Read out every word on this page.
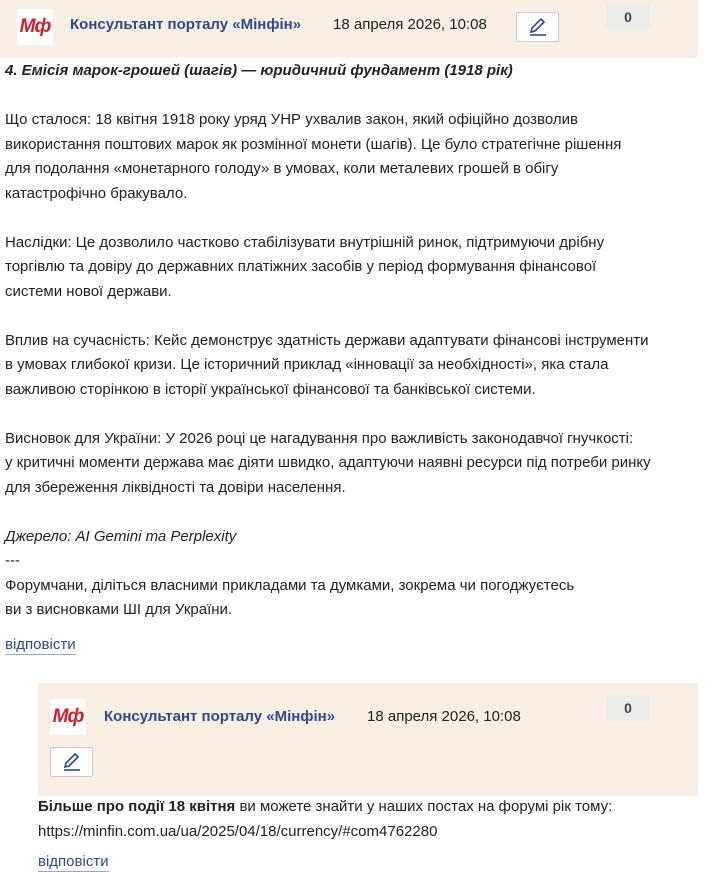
Мф Консультант порталу «Мінфін» 18 апреля 2026, 10:08	0

4. Емісія марок-грошей (шагів) — юридичний фундамент (1918 рік)

Що сталося: 18 квітня 1918 року уряд УНР ухвалив закон, який офіційно дозволив

використання поштових марок як розмінної монети (шагів). Це було стратегічне рішення

для подолання «монетарного голоду» в умовах, коли металевих грошей в обігу

катастрофічно бракувало.

Наслідки: Це дозволило частково стабілізувати внутрішній ринок, підтримуючи дрібну

торгівлю та довіру до державних платіжних засобів у період формування фінансової

системи нової держави.

Вплив на сучасність: Кейс демонструє здатність держави адаптувати фінансові інструменти

в умовах глибокої кризи. Це історичний приклад «інновації за необхідності», яка стала

важливою сторінкою в історії української фінансової та банківської системи.

Висновок для України: У 2026 році це нагадування про важливість законодавчої гнучкості:

у критичні моменти держава має діяти швидко, адаптуючи наявні ресурси під потреби ринку

для збереження ліквідності та довіри населення.

Джерело: AI Gemini та Perplexity

---

Форумчани, діліться власними прикладами та думками, зокрема чи погоджуєтесь

ви з висновками ШІ для України.

відповісти
Мф Консультант порталу «Мінфін» 18 апреля 2026, 10:08	0
Більше про події 18 квітня ви можете знайти у наших постах на форумі рік тому:
https://minfin.com.ua/ua/2025/04/18/currency/#com4762280
відповісти
